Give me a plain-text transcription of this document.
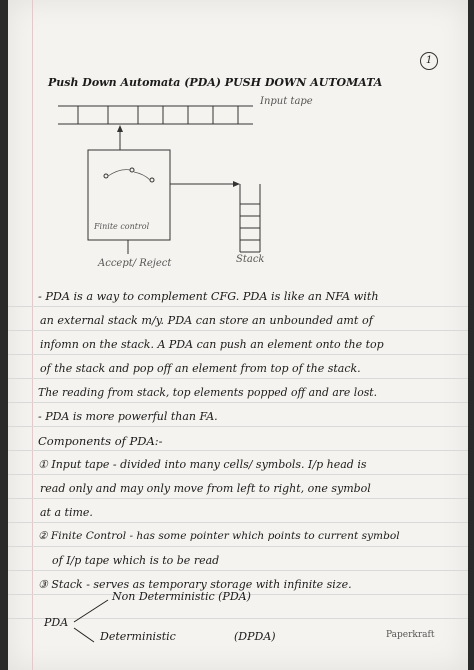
1
Push Down Automata (PDA) PUSH DOWN AUTOMATA
Input tape
Finite control
Accept/ Reject	Stack
- PDA is a way to complement CFG. PDA is like an NFA with
an external stack m/y. PDA can store an unbounded amt of
infomn on the stack. A PDA can push an element onto the top
of the stack and pop off an element from top of the stack.
The reading from stack, top elements popped off and are lost.
- PDA is more powerful than FA.
Components of PDA:-
① Input tape - divided into many cells/ symbols. I/p head is
read only and may only move from left to right, one symbol
at a time.
② Finite Control - has some pointer which points to current symbol
of I/p tape which is to be read
③ Stack - serves as temporary storage with infinite size.
PDA
Non Deterministic (PDA)
Deterministic	(DPDA)	Paperkraft
